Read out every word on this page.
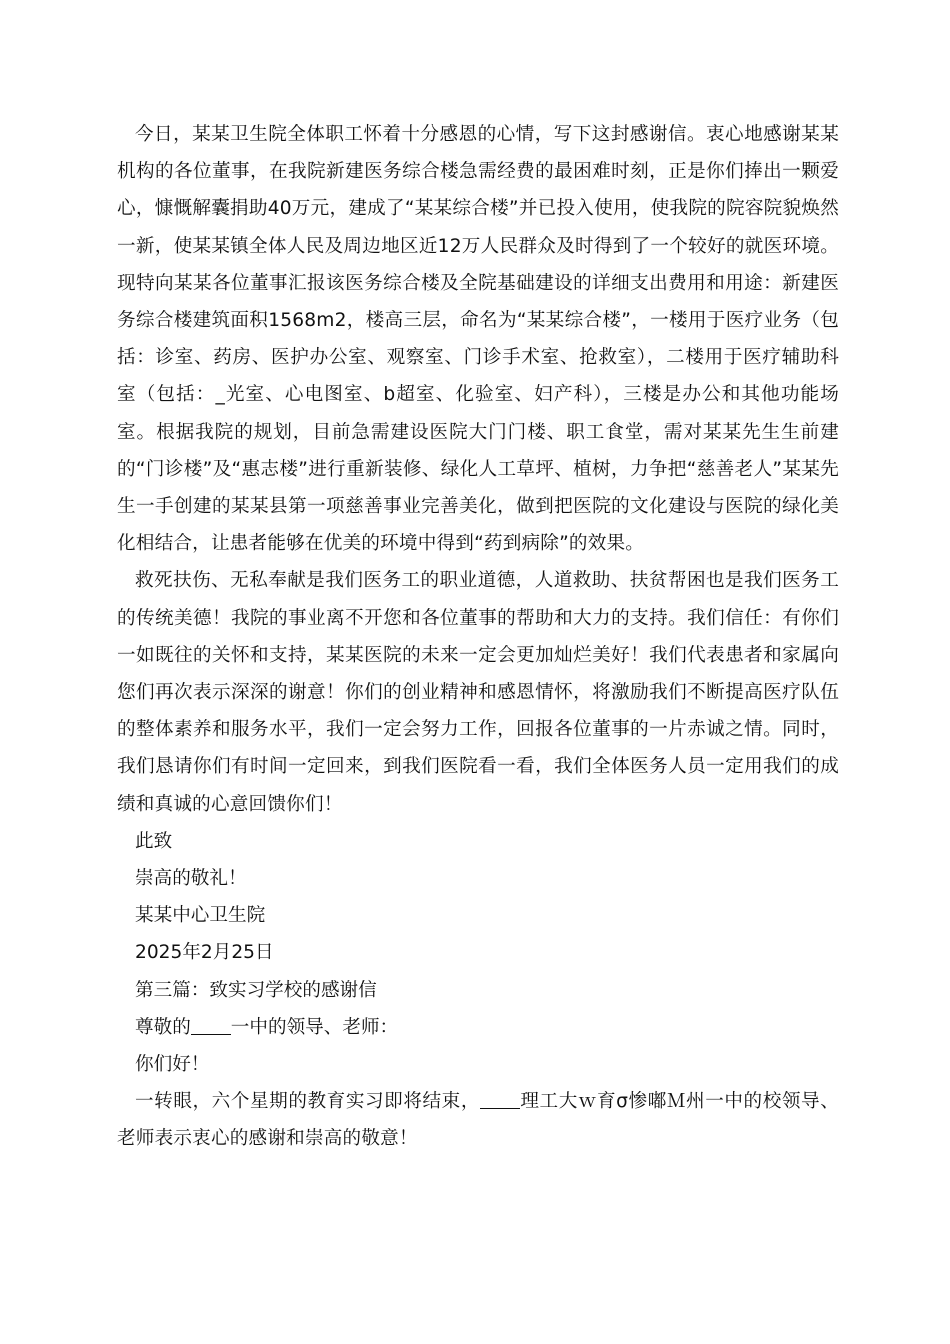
今日，某某卫生院全体职工怀着十分感恩的心情，写下这封感谢信。衷心地感谢某某机构的各位董事，在我院新建医务综合楼急需经费的最困难时刻，正是你们捧出一颗爱心，慷慨解囊捐助40万元，建成了“某某综合楼”并已投入使用，使我院的院容院貌焕然一新，使某某镇全体人民及周边地区近12万人民群众及时得到了一个较好的就医环境。现特向某某各位董事汇报该医务综合楼及全院基础建设的详细支出费用和用途：新建医务综合楼建筑面积1568m2，楼高三层，命名为“某某综合楼”，一楼用于医疗业务（包括：诊室、药房、医护办公室、观察室、门诊手术室、抢救室），二楼用于医疗辅助科室（包括：_光室、心电图室、b超室、化验室、妇产科），三楼是办公和其他功能场室。根据我院的规划，目前急需建设医院大门门楼、职工食堂，需对某某先生生前建的“门诊楼”及“惠志楼”进行重新装修、绿化人工草坪、植树，力争把“慈善老人”某某先生一手创建的某某县第一项慈善事业完善美化，做到把医院的文化建设与医院的绿化美化相结合，让患者能够在优美的环境中得到“药到病除”的效果。

救死扶伤、无私奉献是我们医务工的职业道德，人道救助、扶贫帮困也是我们医务工的传统美德！我院的事业离不开您和各位董事的帮助和大力的支持。我们信任：有你们一如既往的关怀和支持，某某医院的未来一定会更加灿烂美好！我们代表患者和家属向您们再次表示深深的谢意！你们的创业精神和感恩情怀，将激励我们不断提高医疗队伍的整体素养和服务水平，我们一定会努力工作，回报各位董事的一片赤诚之情。同时，我们恳请你们有时间一定回来，到我们医院看一看，我们全体医务人员一定用我们的成绩和真诚的心意回馈你们！

此致

崇高的敬礼！

某某中心卫生院

2025年2月25日

第三篇：致实习学校的感谢信

尊敬的 一中的领导、老师：

你们好！

一转眼，六个星期的教育实习即将结束， 理工大ｗ育σ惨嘟Ｍ州一中的校领导、老师表示衷心的感谢和崇高的敬意！
